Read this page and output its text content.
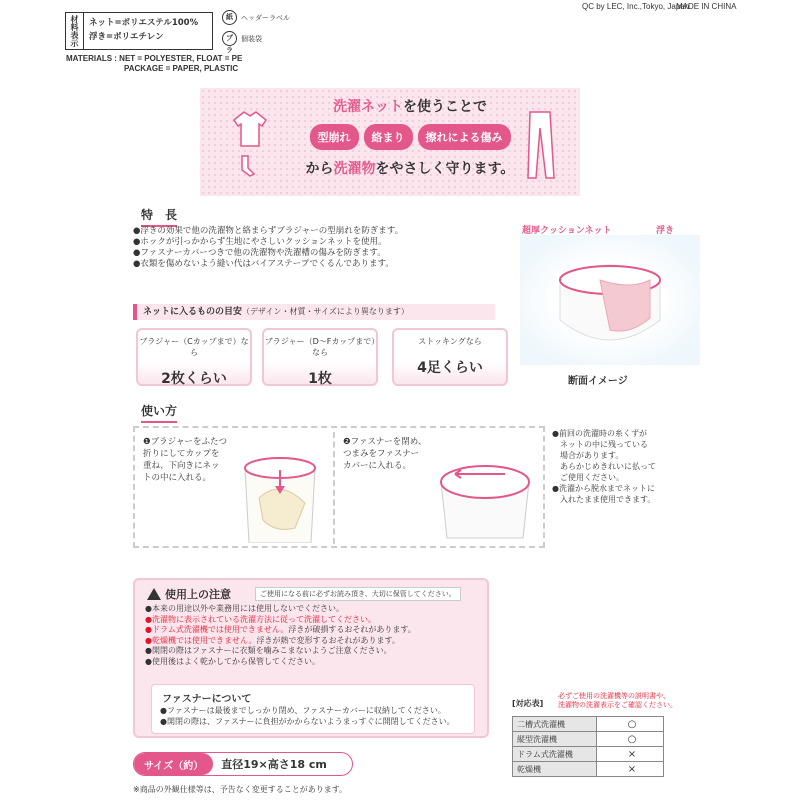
材料表示	ネット=ポリエステル100%
浮き=ポリエチレン
紙	ヘッダーラベル
プラ
個装袋
QC by LEC, Inc.,Tokyo, Japan
MADE IN CHINA
MATERIALS : NET = POLYESTER, FLOAT = PE
PACKAGE = PAPER, PLASTIC
洗濯ネットを使うことで
型崩れ	絡まり	擦れによる傷み
から洗濯物をやさしく守ります。
特　長
●浮きの効果で他の洗濯物と絡まらずブラジャーの型崩れを防ぎます。
●ホックが引っかからず生地にやさしいクッションネットを使用。
●ファスナーカバーつきで他の洗濯物や洗濯槽の傷みを防ぎます。
●衣類を傷めないよう縫い代はバイアステープでくるんであります。
超厚クッションネット	浮き
断面イメージ
ネットに入るものの目安（デザイン・材質・サイズにより異なります）
ブラジャー（Cカップまで）なら
2枚くらい
ブラジャー（D～Fカップまで）なら
1枚
ストッキングなら
4足くらい
使い方
❶ブラジャーをふたつ
折りにしてカップを
重ね、下向きにネッ
トの中に入れる。
❷ファスナーを閉め、
つまみをファスナー
カバーに入れる。
●前回の洗濯時の糸くずが
ネットの中に残っている
場合があります。
あらかじめきれいに払って
ご使用ください。
●洗濯から脱水までネットに
入れたまま使用できます。
使用上の注意	ご使用になる前に必ずお読み頂き、大切に保管してください。
●本来の用途以外や業務用には使用しないでください。
●洗濯物に表示されている洗濯方法に従って洗濯してください。
●ドラム式洗濯機では使用できません。浮きが破損するおそれがあります。
●乾燥機では使用できません。浮きが熱で変形するおそれがあります。
●開閉の際はファスナーに衣類を噛みこまないようご注意ください。
●使用後はよく乾かしてから保管してください。
ファスナーについて
●ファスナーは最後までしっかり閉め、ファスナーカバーに収納してください。
●開閉の際は、ファスナーに負担がかからないようまっすぐに開閉してください。
[対応表]
必ずご使用の洗濯機等の説明書や、
洗濯物の洗濯表示をご確認ください。
二槽式洗濯機	○
縦型洗濯機	○
ドラム式洗濯機	×
乾燥機	×
サイズ（約）	直径19×高さ18 cm
※商品の外観仕様等は、予告なく変更することがあります。
